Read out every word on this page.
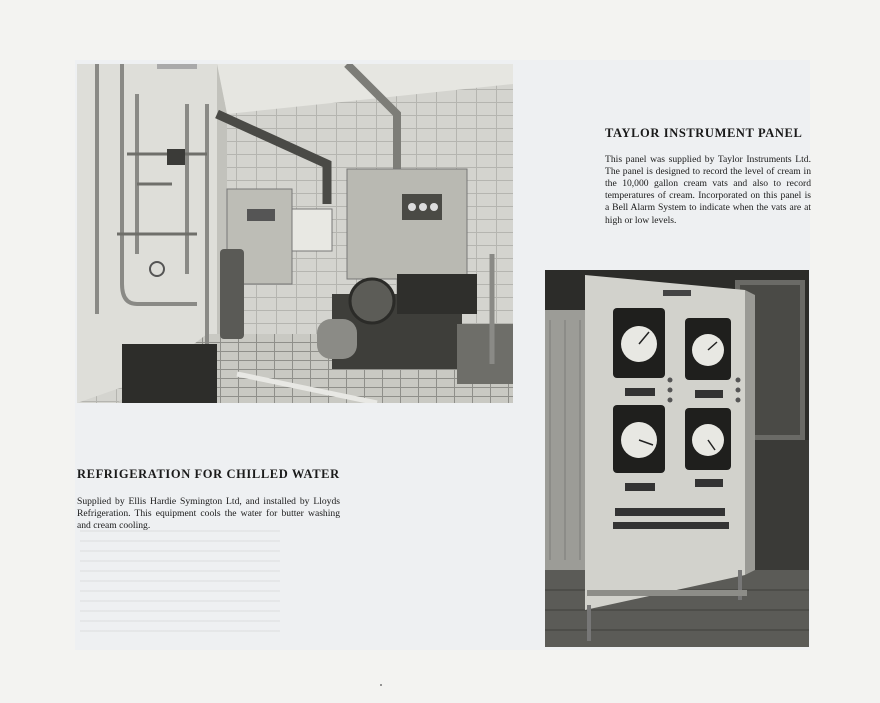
TAYLOR INSTRUMENT PANEL

This panel was supplied by Taylor Instruments Ltd. The panel is designed to record the level of cream in the 10,000 gallon cream vats and also to record temperatures of cream. Incorporated on this panel is a Bell Alarm System to indicate when the vats are at high or low levels.

REFRIGERATION FOR CHILLED WATER

Supplied by Ellis Hardie Symington Ltd, and installed by Lloyds Refrigeration. This equipment cools the water for butter washing and cream cooling.
